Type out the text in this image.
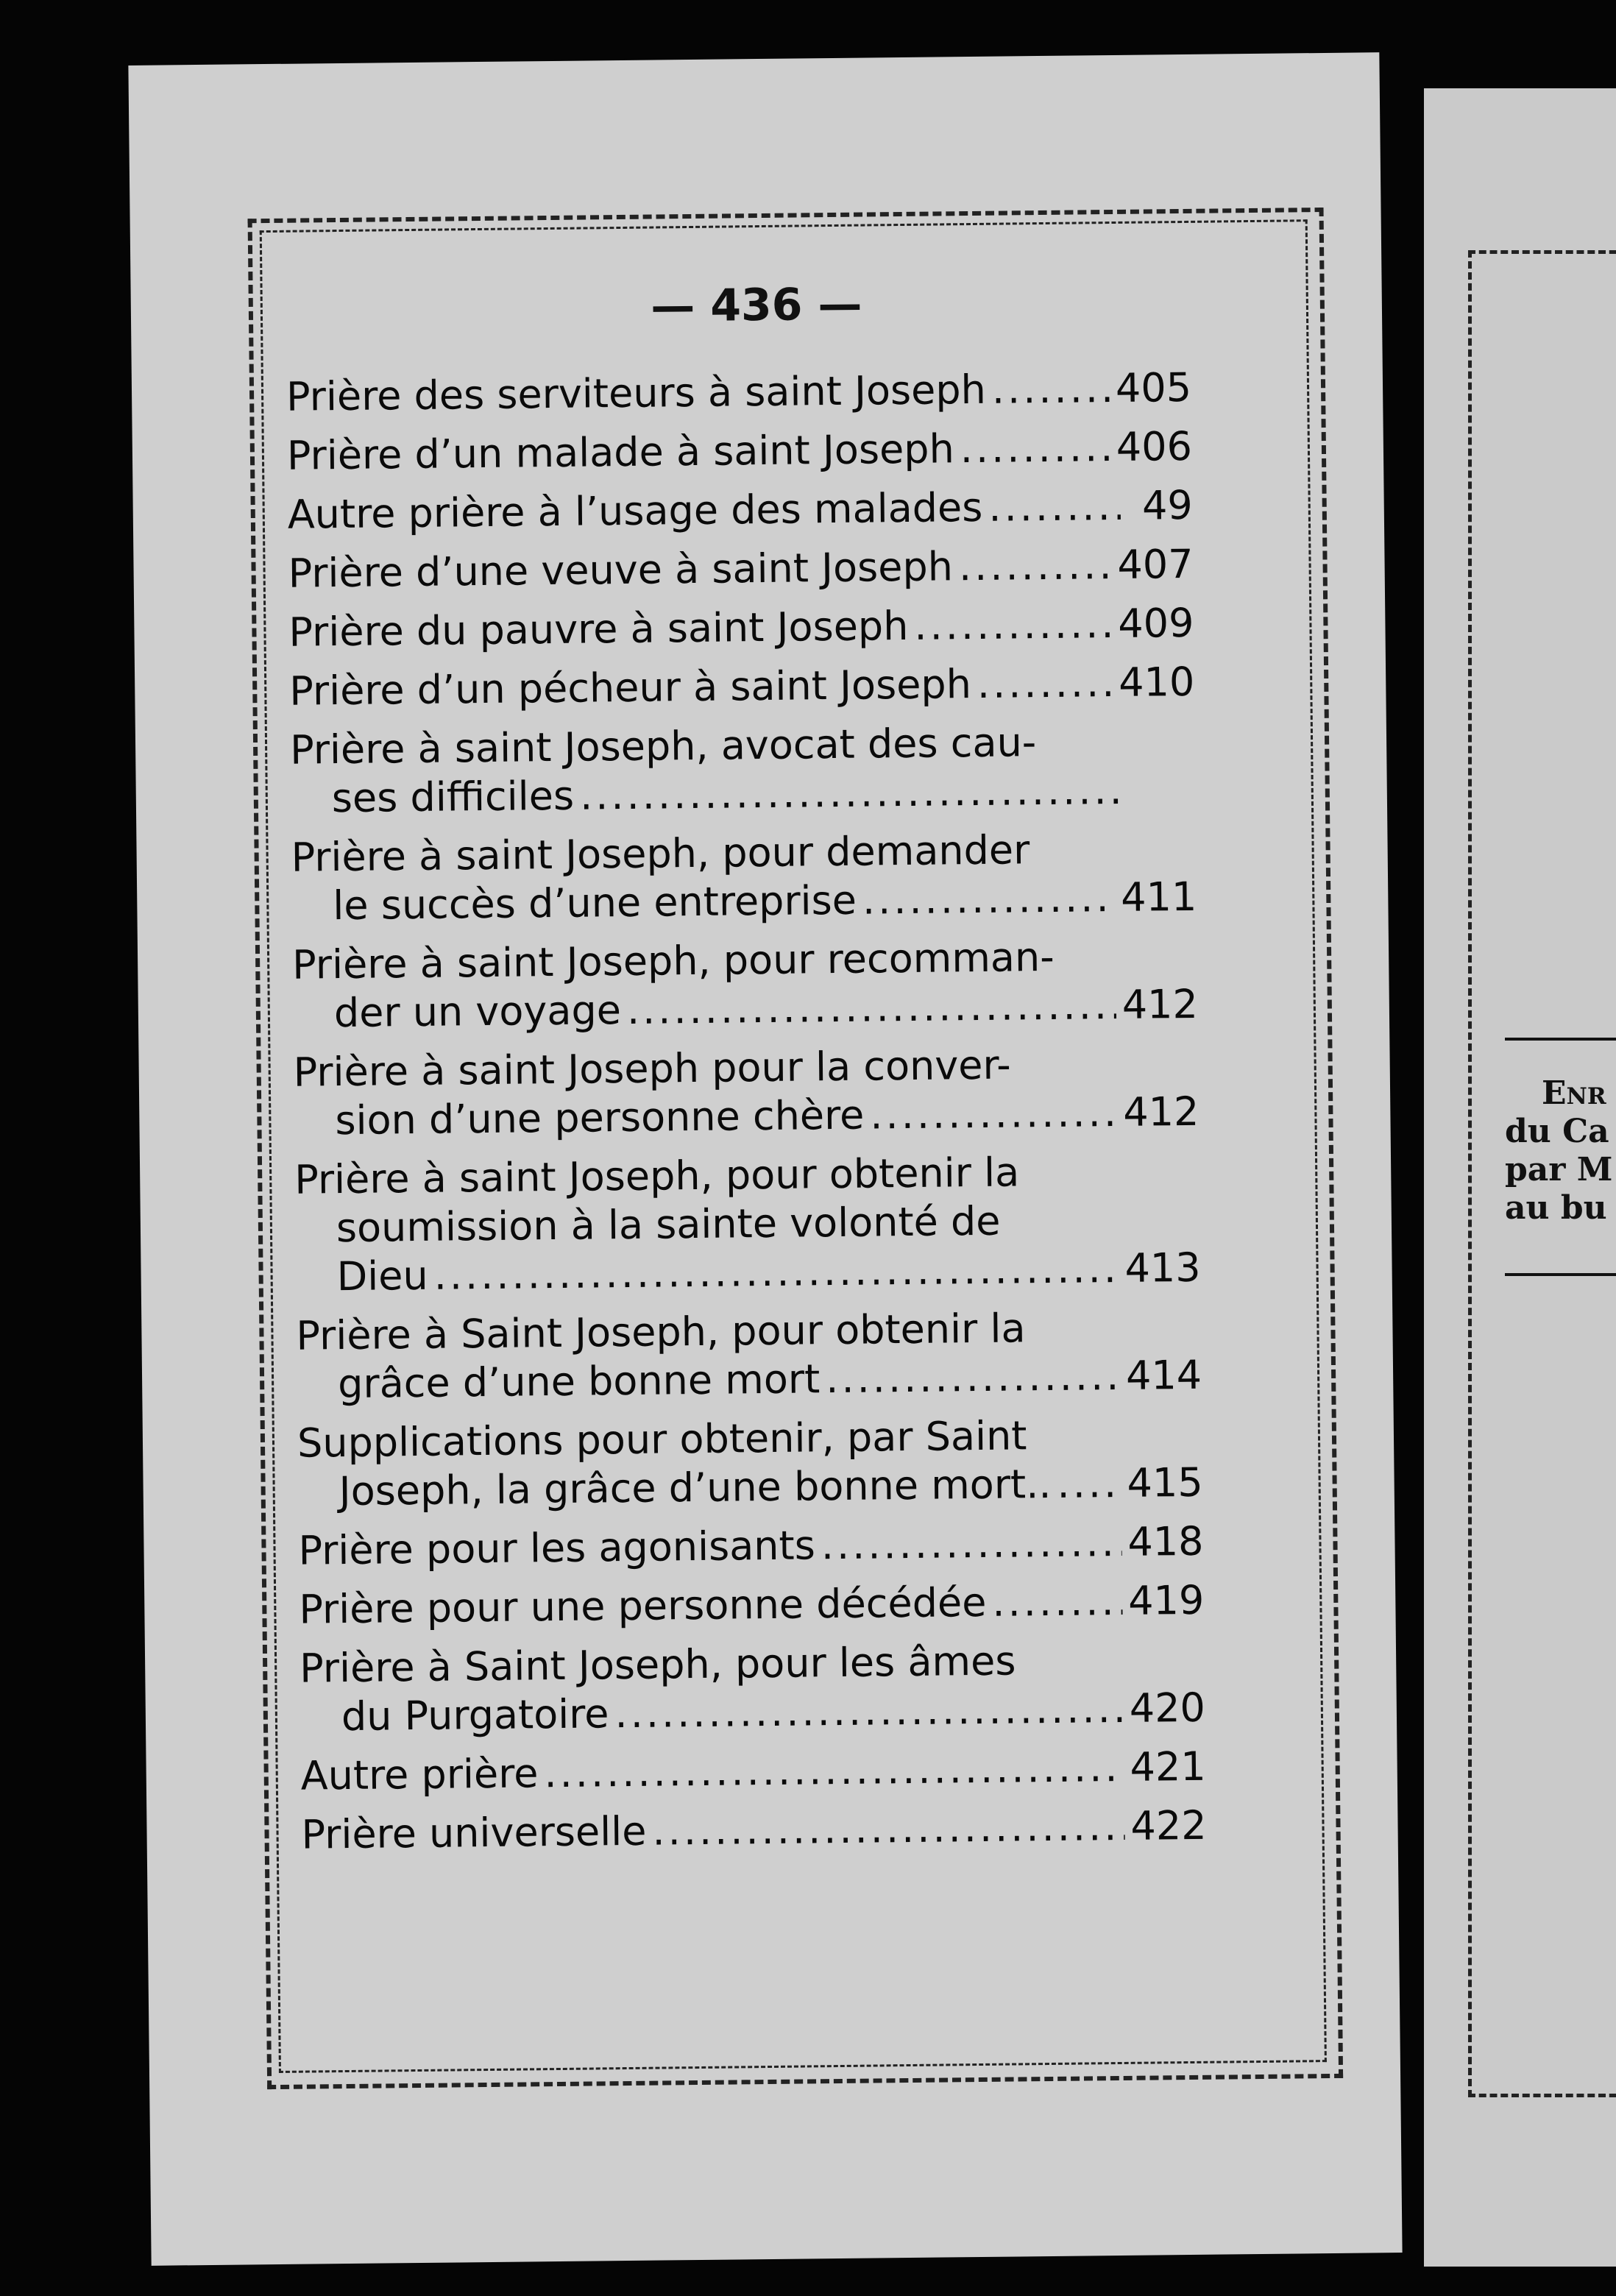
— 436 —
Prière des serviteurs à saint Joseph .....	405
Prière d’un malade à saint Joseph .....	406
Autre prière à l’usage des malades .....	49
Prière d’une veuve à saint Joseph .....	407
Prière du pauvre à saint Joseph .....	409
Prière d’un pécheur à saint Joseph .....	410
Prière à saint Joseph, avocat des cau-
ses difficiles
.....
Prière à saint Joseph, pour demander
le succès d’une entreprise .....	411
Prière à saint Joseph, pour recomman-
der un voyage .....	412
Prière à saint Joseph pour la conver-
sion d’une personne chère .....	412
Prière à saint Joseph, pour obtenir la
soumission à la sainte volonté de
Dieu .....	413
Prière à Saint Joseph, pour obtenir la
grâce d’une bonne mort .....	414
Supplications pour obtenir, par Saint
Joseph, la grâce d’une bonne mort.. ..... 415
Prière pour les agonisants .....	418
Prière pour une personne décédée .....	419
Prière à Saint Joseph, pour les âmes
du Purgatoire .....	420
Autre prière .....	421
Prière universelle .....	422
Enr
du Ca
par M
au bu
